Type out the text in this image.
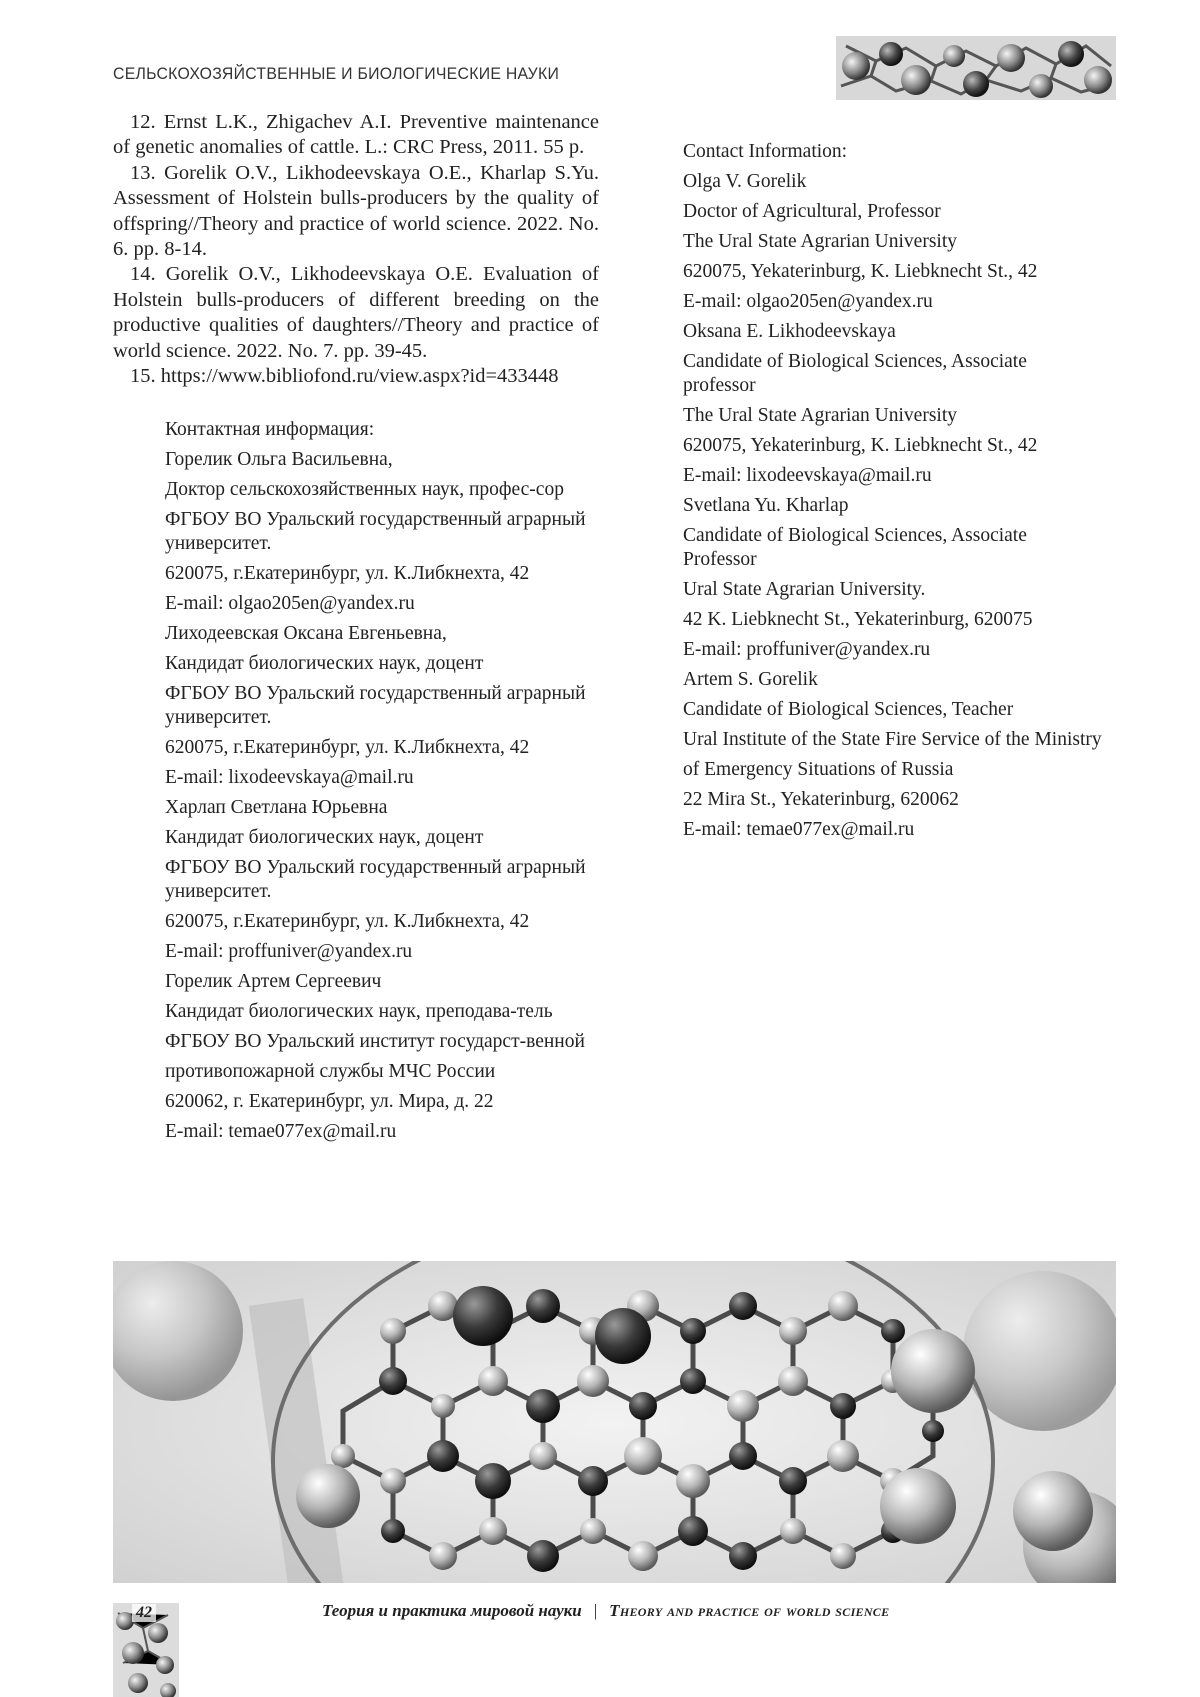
СЕЛЬСКОХОЗЯЙСТВЕННЫЕ И БИОЛОГИЧЕСКИЕ НАУКИ

12. Ernst L.K., Zhigachev A.I. Preventive maintenance of genetic anomalies of cattle. L.: CRC Press, 2011. 55 p.

13. Gorelik O.V., Likhodeevskaya O.E., Kharlap S.Yu. Assessment of Holstein bulls-producers by the quality of offspring//Theory and practice of world science. 2022. No. 6. pp. 8-14.

14. Gorelik O.V., Likhodeevskaya O.E. Evaluation of Holstein bulls-producers of different breeding on the productive qualities of daughters//Theory and practice of world science. 2022. No. 7. pp. 39-45.

15. https://www.bibliofond.ru/view.aspx?id=433448

Контактная информация:

Горелик Ольга Васильевна,

Доктор сельскохозяйственных наук, профес-сор

ФГБОУ ВО Уральский государственный аграрный университет.

620075, г.Екатеринбург, ул. К.Либкнехта, 42

E-mail: olgao205en@yandex.ru

Лиходеевская Оксана Евгеньевна,

Кандидат биологических наук, доцент

ФГБОУ ВО Уральский государственный аграрный университет.

620075, г.Екатеринбург, ул. К.Либкнехта, 42

E-mail: lixodeevskaya@mail.ru

Харлап Светлана Юрьевна

Кандидат биологических наук, доцент

ФГБОУ ВО Уральский государственный аграрный университет.

620075, г.Екатеринбург, ул. К.Либкнехта, 42

E-mail: proffuniver@yandex.ru

Горелик Артем Сергеевич

Кандидат биологических наук, преподава-тель

ФГБОУ ВО Уральский институт государст-венной

противопожарной службы МЧС России

620062, г. Екатеринбург, ул. Мира, д. 22

E-mail: temae077ex@mail.ru

Contact Information:

Olga V. Gorelik

Doctor of Agricultural, Professor

The Ural State Agrarian University

620075, Yekaterinburg, K. Liebknecht St., 42

E-mail: olgao205en@yandex.ru

Oksana E. Likhodeevskaya

Candidate of Biological Sciences, Associate professor

The Ural State Agrarian University

620075, Yekaterinburg, K. Liebknecht St., 42

E-mail: lixodeevskaya@mail.ru

Svetlana Yu. Kharlap

Candidate of Biological Sciences, Associate Professor

Ural State Agrarian University.

42 K. Liebknecht St., Yekaterinburg, 620075

E-mail: proffuniver@yandex.ru

Artem S. Gorelik

Candidate of Biological Sciences, Teacher

Ural Institute of the State Fire Service of the Ministry

of Emergency Situations of Russia

22 Mira St., Yekaterinburg, 620062

E-mail: temae077ex@mail.ru

42	Теория и практика мировой науки | Theory and practice of world science
